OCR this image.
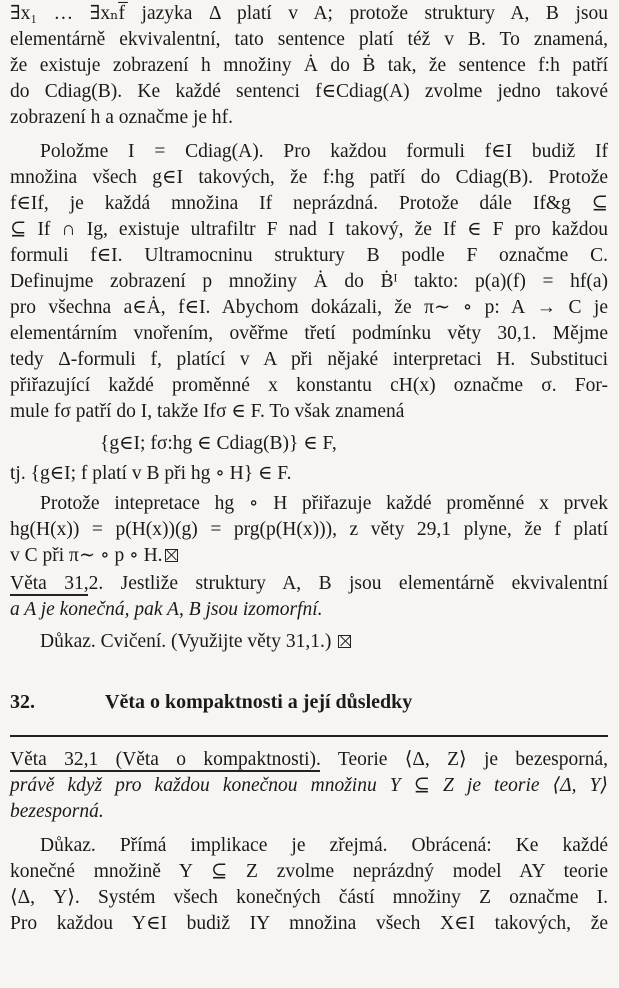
∃x₁ … ∃xₙf̅ jazyka Δ platí v A; protože struktury A, B jsou
elementárně ekvivalentní, tato sentence platí též v B. To znamená,
že existuje zobrazení h množiny Ȧ do Ḃ tak, že sentence f:h patří
do Cdiag(B). Ke každé sentenci f∈Cdiag(A) zvolme jedno takové
zobrazení h a označme je hf.
Položme I = Cdiag(A). Pro každou formuli f∈I budiž If
množina všech g∈I takových, že f:hg patří do Cdiag(B). Protože
f∈If, je každá množina If neprázdná. Protože dále If&g ⊆
⊆ If ∩ Ig, existuje ultrafiltr F nad I takový, že If ∈ F pro každou
formuli f∈I. Ultramocninu struktury B podle F označme C.
Definujme zobrazení p množiny Ȧ do Ḃᴵ takto: p(a)(f) = hf(a)
pro všechna a∈Ȧ, f∈I. Abychom dokázali, že π∼ ∘ p: A → C je
elementárním vnořením, ověřme třetí podmínku věty 30,1. Mějme
tedy Δ-formuli f, platící v A při nějaké interpretaci H. Substituci
přiřazující každé proměnné x konstantu cH(x) označme σ. For-
mule fσ patří do I, takže Ifσ ∈ F. To však znamená
{g∈I; fσ:hg ∈ Cdiag(B)} ∈ F,
tj. {g∈I; f platí v B při hg ∘ H} ∈ F.
Protože intepretace hg ∘ H přiřazuje každé proměnné x prvek
hg(H(x)) = p(H(x))(g) = prg(p(H(x))), z věty 29,1 plyne, že f platí
v C při π∼ ∘ p ∘ H.
Věta 31,2. Jestliže struktury A, B jsou elementárně ekvivalentní
a A je konečná, pak A, B jsou izomorfní.
Důkaz. Cvičení. (Využijte věty 31,1.)
32.	Věta o kompaktnosti a její důsledky
Věta 32,1 (Věta o kompaktnosti). Teorie ⟨Δ, Z⟩ je bezesporná,
právě když pro každou konečnou množinu Y ⊆ Z je teorie ⟨Δ, Y⟩
bezesporná.
Důkaz. Přímá implikace je zřejmá. Obrácená: Ke každé
konečné množině Y ⊆ Z zvolme neprázdný model AY teorie
⟨Δ, Y⟩. Systém všech konečných částí množiny Z označme I.
Pro každou Y∈I budiž IY množina všech X∈I takových, že
